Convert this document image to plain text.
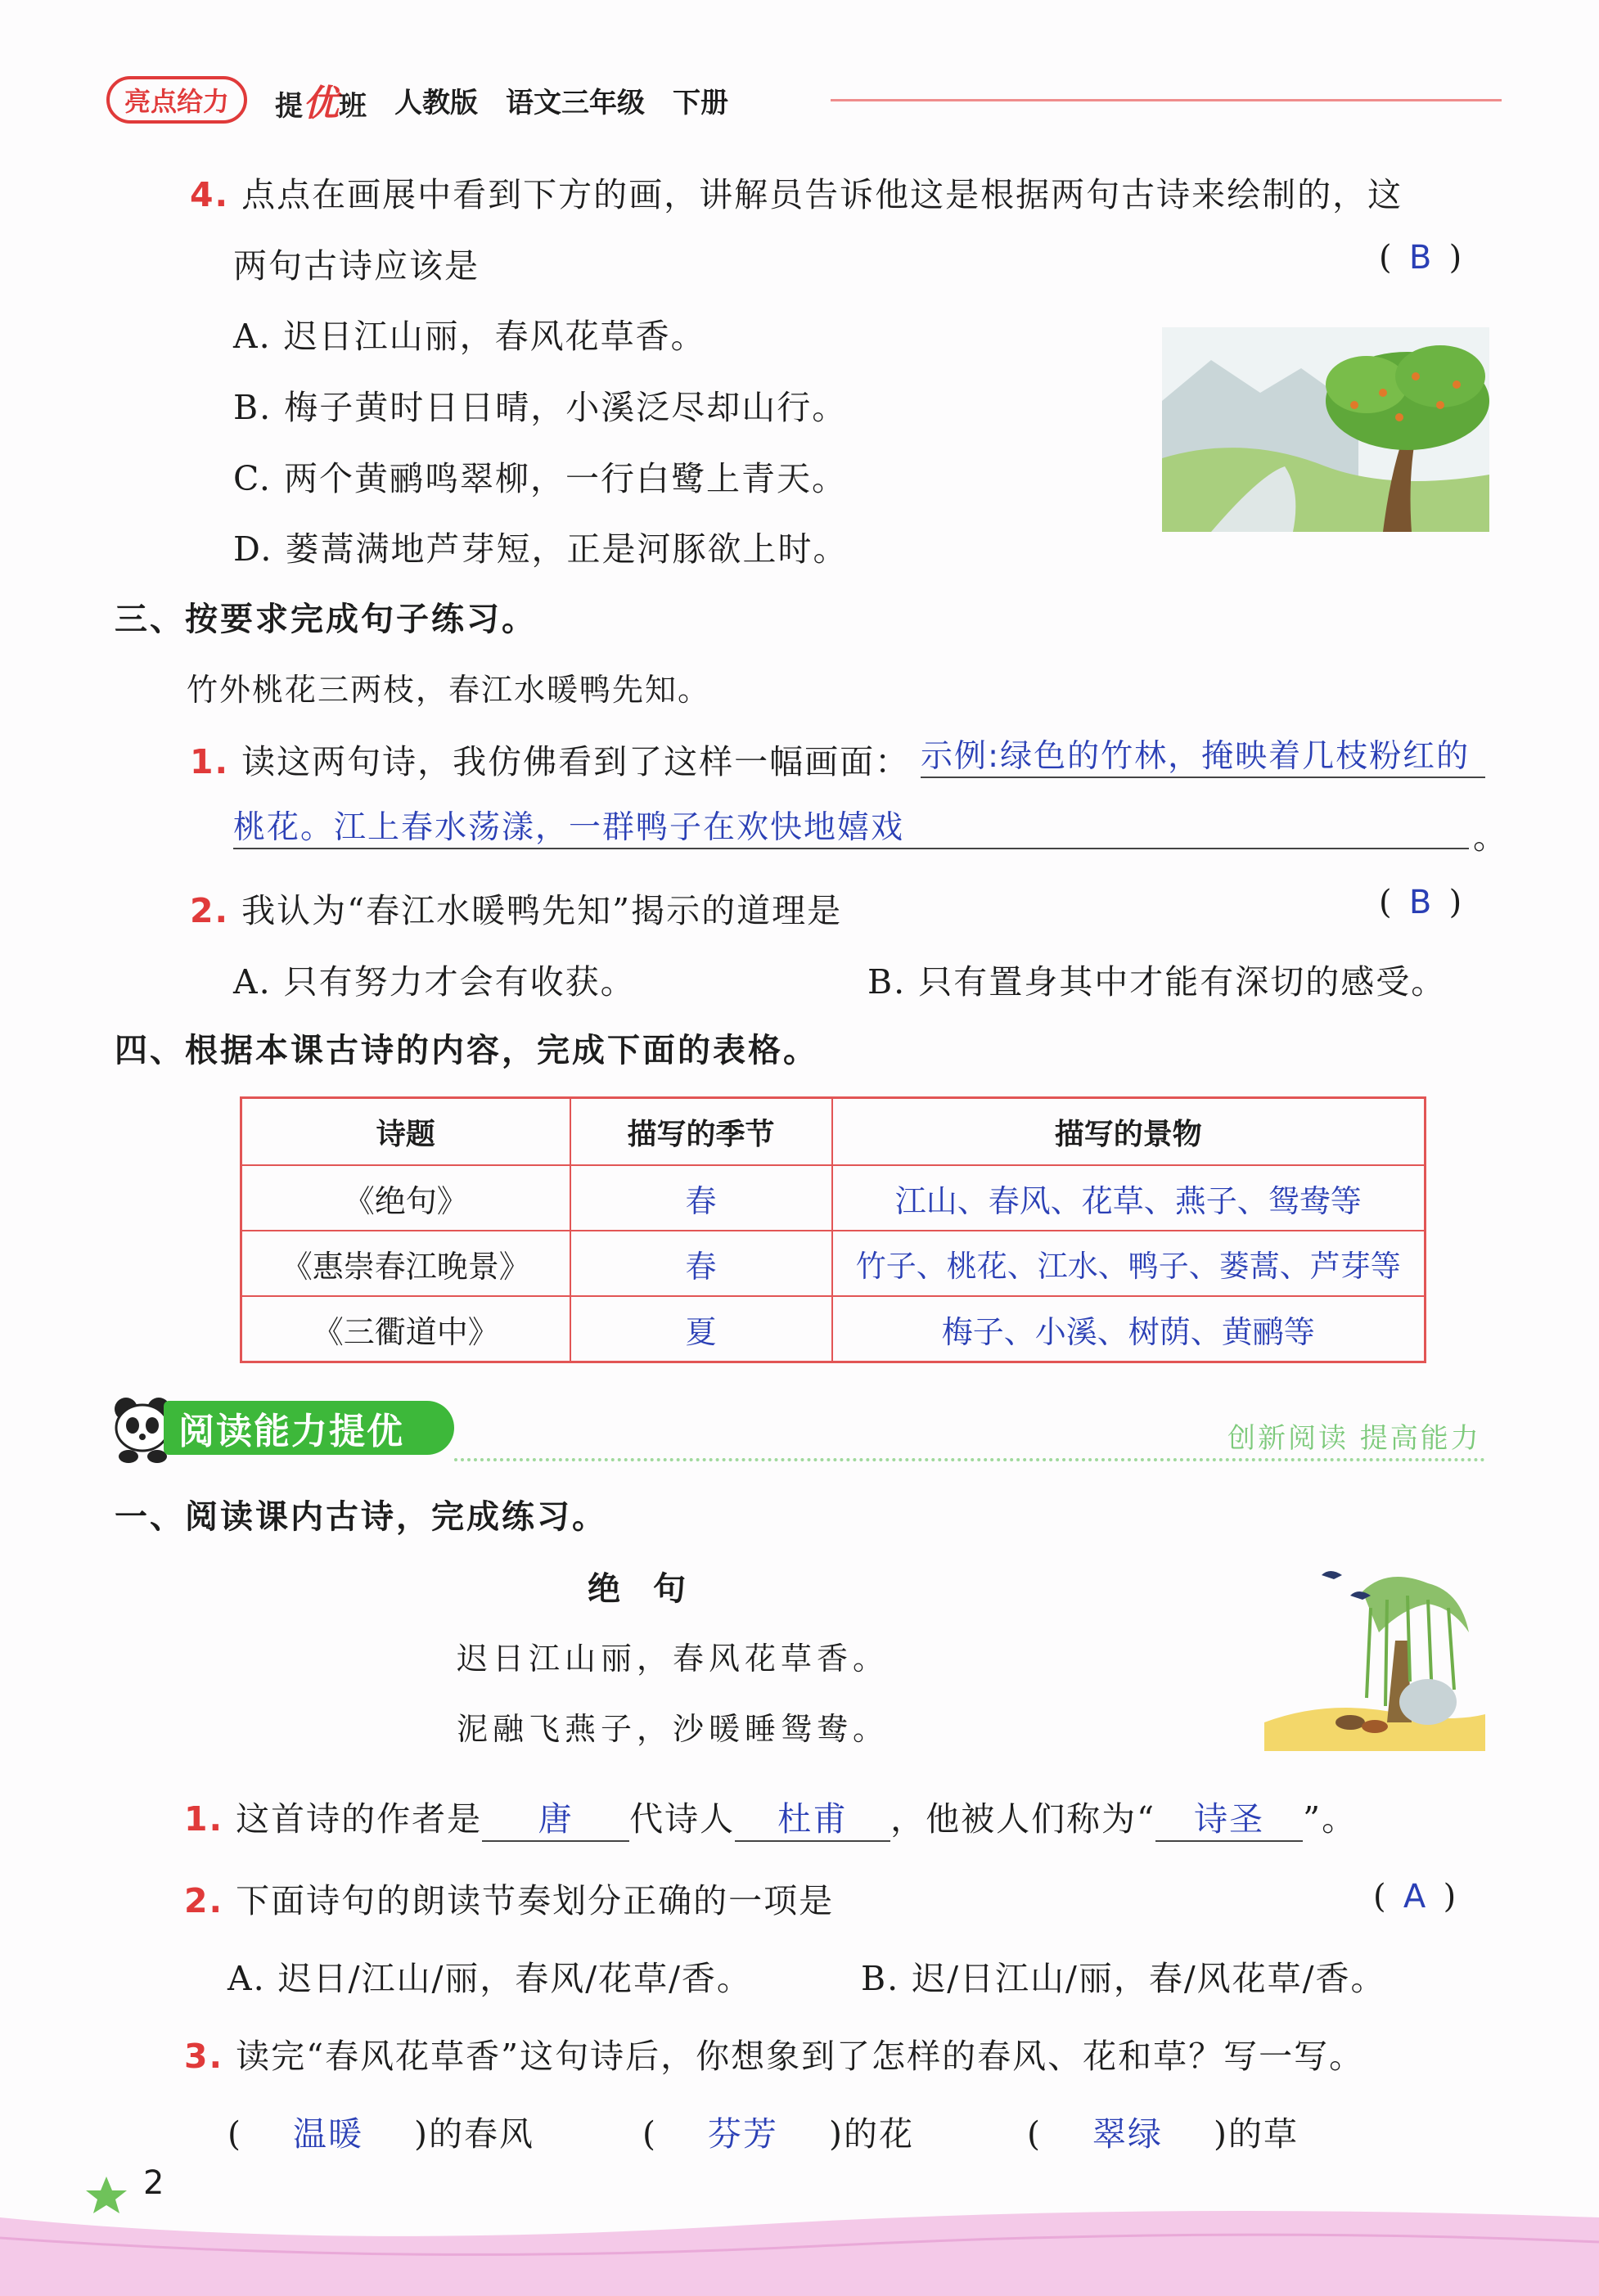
亮点给力	提优班 人教版 语文三年级 下册
4. 点点在画展中看到下方的画，讲解员告诉他这是根据两句古诗来绘制的，这
两句古诗应该是	( B )
A. 迟日江山丽，春风花草香。
B. 梅子黄时日日晴，小溪泛尽却山行。
C. 两个黄鹂鸣翠柳，一行白鹭上青天。
D. 蒌蒿满地芦芽短，正是河豚欲上时。
三、按要求完成句子练习。
竹外桃花三两枝，春江水暖鸭先知。
1. 读这两句诗，我仿佛看到了这样一幅画面： 示例:绿色的竹林，掩映着几枝粉红的
桃花。江上春水荡漾，一群鸭子在欢快地嬉戏	。
2. 我认为“春江水暖鸭先知”揭示的道理是	( B )
A. 只有努力才会有收获。	B. 只有置身其中才能有深切的感受。
四、根据本课古诗的内容，完成下面的表格。
诗题	描写的季节	描写的景物
《绝句》	春	江山、春风、花草、燕子、鸳鸯等
《惠崇春江晚景》	春	竹子、桃花、江水、鸭子、蒌蒿、芦芽等
《三衢道中》	夏	梅子、小溪、树荫、黄鹂等
阅读能力提优	创新阅读 提高能力
一、阅读课内古诗，完成练习。
绝　句
迟日江山丽，春风花草香。
泥融飞燕子，沙暖睡鸳鸯。
1. 这首诗的作者是 唐 代诗人 杜甫 ，他被人们称为“ 诗圣 ”。
2. 下面诗句的朗读节奏划分正确的一项是	( A )
A. 迟日/江山/丽，春风/花草/香。	B. 迟/日江山/丽，春/风花草/香。
3. 读完“春风花草香”这句诗后，你想象到了怎样的春风、花和草？写一写。
( 温暖 )的春风	( 芬芳 )的花	( 翠绿 )的草
2
